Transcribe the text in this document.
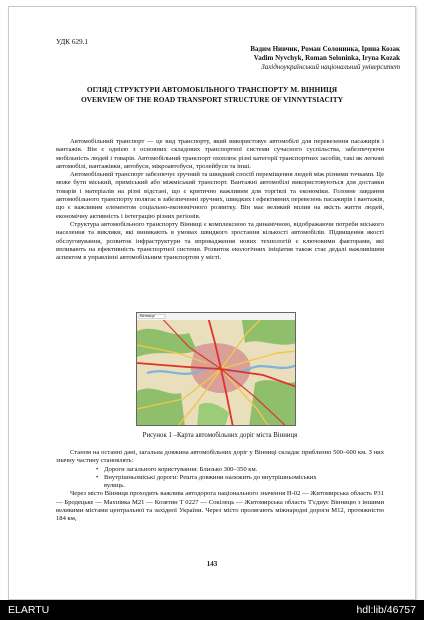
УДК 629.1
Вадим Нивчик, Роман Солонинка, Ірина Козак
Vadim Nyvchyk, Roman Soloninka, Iryna Kozak
Західноукраїнський національний університет
ОГЛЯД СТРУКТУРИ АВТОМОБІЛЬНОГО ТРАНСПОРТУ М. ВІННИЦЯ
OVERVIEW OF THE ROAD TRANSPORT STRUCTURE OF VINNYTSIACITY

Автомобільний транспорт — це вид транспорту, який використовує автомобілі для перевезення пасажирів і вантажів. Він є однією з основних складових транспортної системи сучасного суспільства, забезпечуючи мобільність людей і товарів. Автомобільний транспорт охоплює різні категорії транспортних засобів, такі як легкові автомобілі, вантажівки, автобуси, мікроавтобуси, тролейбуси та інші.

Автомобільний транспорт забезпечує зручний та швидкий спосіб переміщення людей між різними точками. Це може бути міський, приміський або міжміський транспорт. Вантажні автомобілі використовуються для доставки товарів і матеріалів на різні відстані, що є критично важливим для торгівлі та економіки. Головне завдання автомобільного транспорту полягає в забезпеченні зручних, швидких і ефективних перевезень пасажирів і вантажів, що є важливим елементом соціально-економічного розвитку. Він має великий вплив на якість життя людей, економічну активність і інтеграцію різних регіонів.

Структура автомобільного транспорту Вінниці є комплексною та динамічною, відображаючи потреби міського населення та виклики, які виникають в умовах швидкого зростання кількості автомобілів. Підвищення якості обслуговування, розвиток інфраструктури та впровадження нових технологій є ключовими факторами, які впливають на ефективність транспортної системи. Розвиток екологічних ініціатив також стає дедалі важливішим аспектом в управлінні автомобільним транспортом у місті.

Вінниця
Рисунок 1 –Карта автомобільних доріг міста Вінниця

Станом на останні дані, загальна довжина автомобільних доріг у Вінниці складає приблизно 500–600 км. З них значну частину становлять:

• Дороги загального користування: Близько 300–350 км.

• Внутрішньоміські дороги: Решта довжини належить до внутрішньоміських

вулиць.

Через місто Вінниця проходить важлива автодорога національного значення Н-02 — Житомирська область Р31 — Бродецьке — Махнівка М21 — Козятин Т 0227 — Сокілець — Житомирська область Т'єдиує Вінницю з іншими великими містами центральної та західної України. Через місто пролягають міжнародні дороги М12, протяжністю 184 км,

143
ELARTU	hdl:lib/46757
